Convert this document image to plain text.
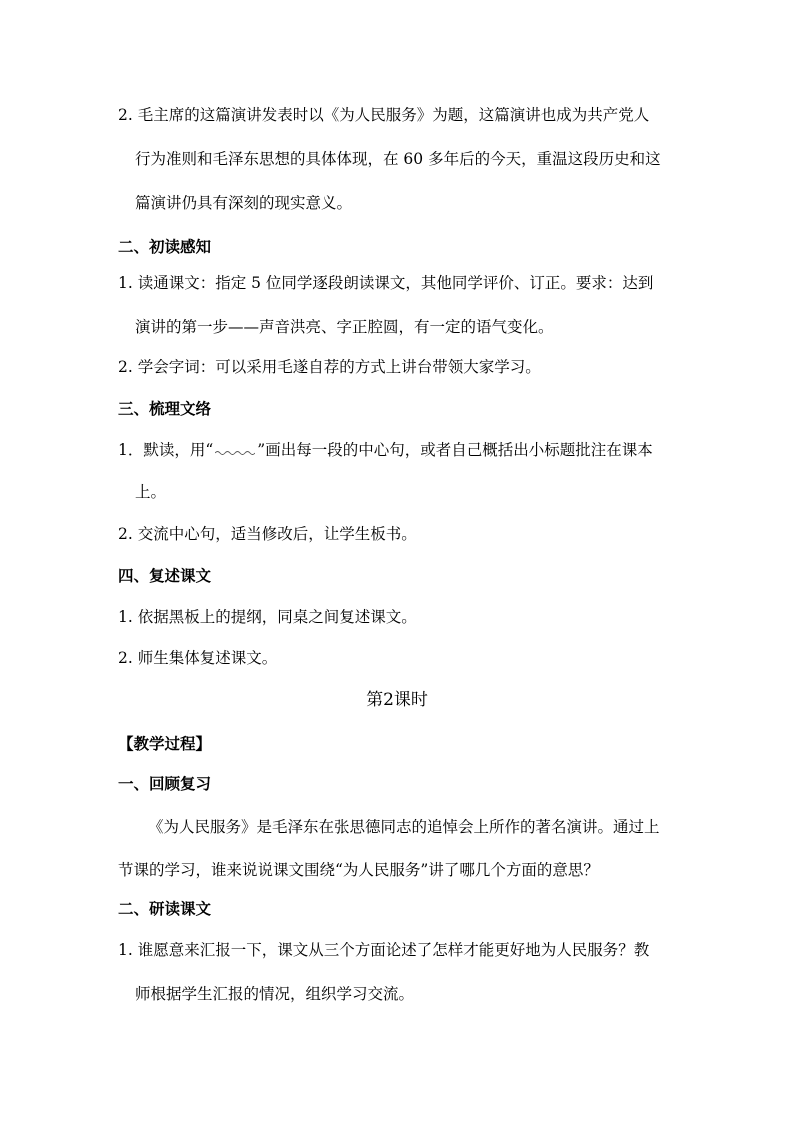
2. 毛主席的这篇演讲发表时以《为人民服务》为题，这篇演讲也成为共产党人
行为准则和毛泽东思想的具体体现，在 60 多年后的今天，重温这段历史和这
篇演讲仍具有深刻的现实意义。
二、初读感知
1. 读通课文：指定 5 位同学逐段朗读课文，其他同学评价、订正。要求：达到
演讲的第一步——声音洪亮、字正腔圆，有一定的语气变化。
2. 学会字词：可以采用毛遂自荐的方式上讲台带领大家学习。
三、梳理文络
1．默读，用“	”画出每一段的中心句，或者自己概括出小标题批注在课本
上。
2. 交流中心句，适当修改后，让学生板书。
四、复述课文
1. 依据黑板上的提纲，同桌之间复述课文。
2. 师生集体复述课文。
第2课时
【教学过程】
一、回顾复习
《为人民服务》是毛泽东在张思德同志的追悼会上所作的著名演讲。通过上
节课的学习，谁来说说课文围绕“为人民服务”讲了哪几个方面的意思？
二、研读课文
1. 谁愿意来汇报一下，课文从三个方面论述了怎样才能更好地为人民服务？教
师根据学生汇报的情况，组织学习交流。
